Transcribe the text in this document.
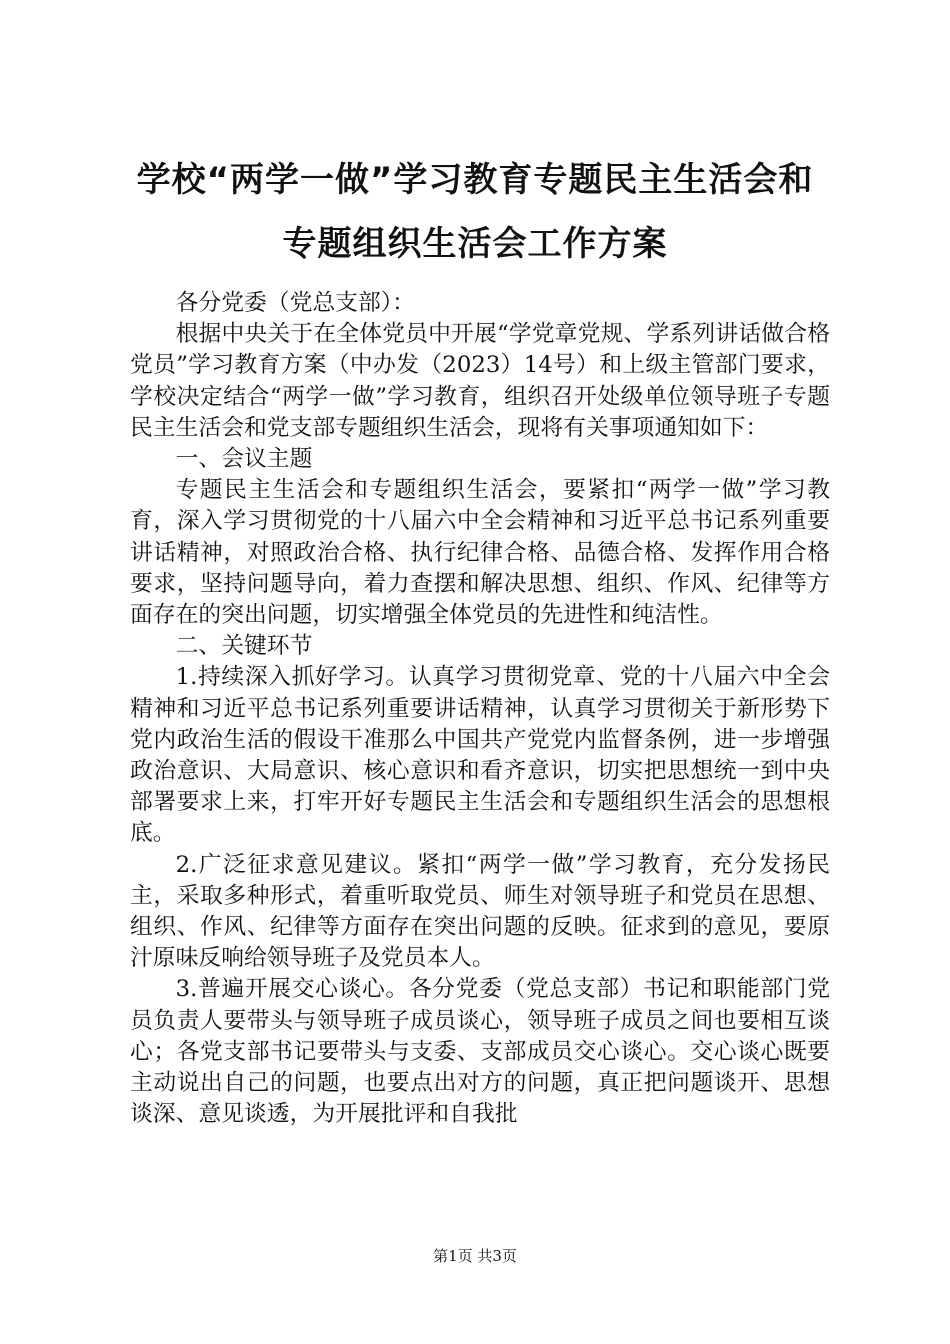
学校“两学一做”学习教育专题民主生活会和
专题组织生活会工作方案

各分党委（党总支部）：

根据中央关于在全体党员中开展“学党章党规、学系列讲话做合格党员”学习教育方案（中办发（2023）14号）和上级主管部门要求，学校决定结合“两学一做”学习教育，组织召开处级单位领导班子专题民主生活会和党支部专题组织生活会，现将有关事项通知如下：

一、会议主题

专题民主生活会和专题组织生活会，要紧扣“两学一做”学习教育，深入学习贯彻党的十八届六中全会精神和习近平总书记系列重要讲话精神，对照政治合格、执行纪律合格、品德合格、发挥作用合格要求，坚持问题导向，着力查摆和解决思想、组织、作风、纪律等方面存在的突出问题，切实增强全体党员的先进性和纯洁性。

二、关键环节

1.持续深入抓好学习。认真学习贯彻党章、党的十八届六中全会精神和习近平总书记系列重要讲话精神，认真学习贯彻关于新形势下党内政治生活的假设干准那么中国共产党党内监督条例，进一步增强政治意识、大局意识、核心意识和看齐意识，切实把思想统一到中央部署要求上来，打牢开好专题民主生活会和专题组织生活会的思想根底。

2.广泛征求意见建议。紧扣“两学一做”学习教育，充分发扬民主，采取多种形式，着重听取党员、师生对领导班子和党员在思想、组织、作风、纪律等方面存在突出问题的反映。征求到的意见，要原汁原味反响给领导班子及党员本人。

3.普遍开展交心谈心。各分党委（党总支部）书记和职能部门党员负责人要带头与领导班子成员谈心，领导班子成员之间也要相互谈心；各党支部书记要带头与支委、支部成员交心谈心。交心谈心既要主动说出自己的问题，也要点出对方的问题，真正把问题谈开、思想谈深、意见谈透，为开展批评和自我批

第1页 共3页
